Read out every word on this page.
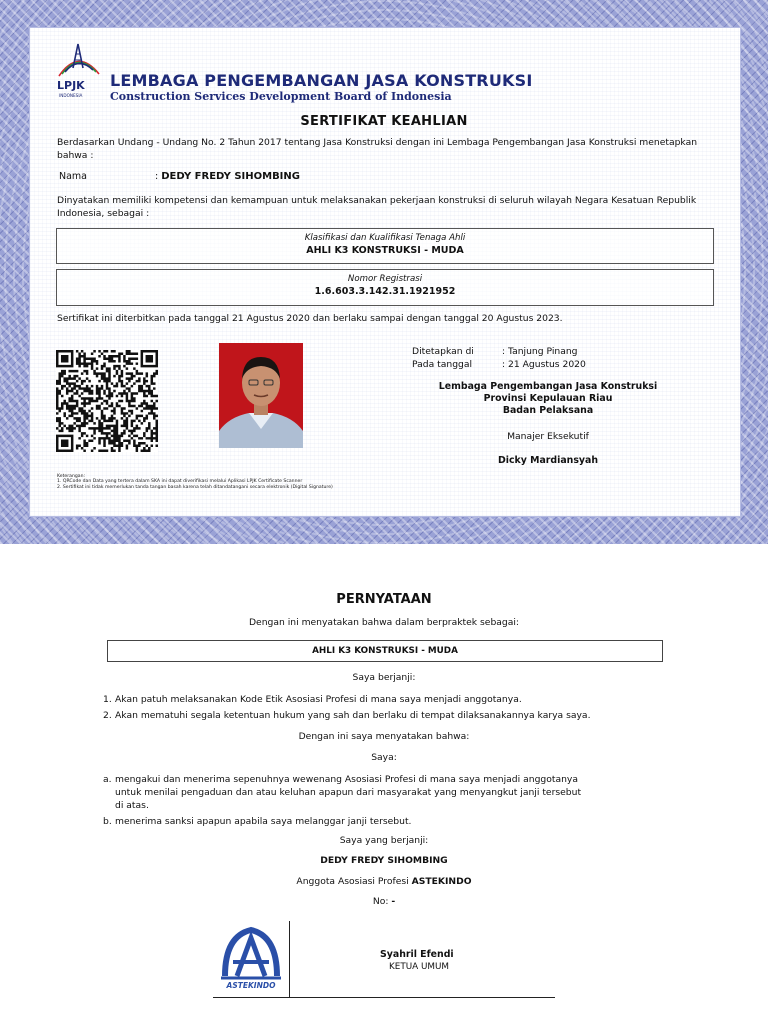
LPJK
INDONESIA
LEMBAGA PENGEMBANGAN JASA KONSTRUKSI
Construction Services Development Board of Indonesia
SERTIFIKAT KEAHLIAN
Berdasarkan Undang - Undang No. 2 Tahun 2017 tentang Jasa Konstruksi dengan ini Lembaga Pengembangan Jasa Konstruksi menetapkan bahwa :
Nama	: DEDY FREDY SIHOMBING
Dinyatakan memiliki kompetensi dan kemampuan untuk melaksanakan pekerjaan konstruksi di seluruh wilayah Negara Kesatuan Republik Indonesia, sebagai :
Klasifikasi dan Kualifikasi Tenaga Ahli
AHLI K3 KONSTRUKSI - MUDA
Nomor Registrasi
1.6.603.3.142.31.1921952
Sertifikat ini diterbitkan pada tanggal 21 Agustus 2020 dan berlaku sampai dengan tanggal 20 Agustus 2023.
Ditetapkan di	: Tanjung Pinang
Pada tanggal	: 21 Agustus 2020
Lembaga Pengembangan Jasa Konstruksi
Provinsi Kepulauan Riau
Badan Pelaksana
Manajer Eksekutif
Dicky Mardiansyah
Keterangan:
1. QRCode dan Data yang tertera dalam SKA ini dapat diverifikasi melalui Aplikasi LPJK Certificate Scanner
2. Sertifikat ini tidak memerlukan tanda tangan basah karena telah ditandatangani secara elektronik (Digital Signature)
PERNYATAAN
Dengan ini menyatakan bahwa dalam berpraktek sebagai:
AHLI K3 KONSTRUKSI - MUDA
Saya berjanji:
1. Akan patuh melaksanakan Kode Etik Asosiasi Profesi di mana saya menjadi anggotanya.
2. Akan mematuhi segala ketentuan hukum yang sah dan berlaku di tempat dilaksanakannya karya saya.
Dengan ini saya menyatakan bahwa:
Saya:
a. mengakui dan menerima sepenuhnya wewenang Asosiasi Profesi di mana saya menjadi anggotanya untuk menilai pengaduan dan atau keluhan apapun dari masyarakat yang menyangkut janji tersebut di atas.
b. menerima sanksi apapun apabila saya melanggar janji tersebut.
Saya yang berjanji:
DEDY FREDY SIHOMBING
Anggota Asosiasi Profesi ASTEKINDO
No: -
ASTEKINDO
Syahril Efendi
KETUA UMUM
